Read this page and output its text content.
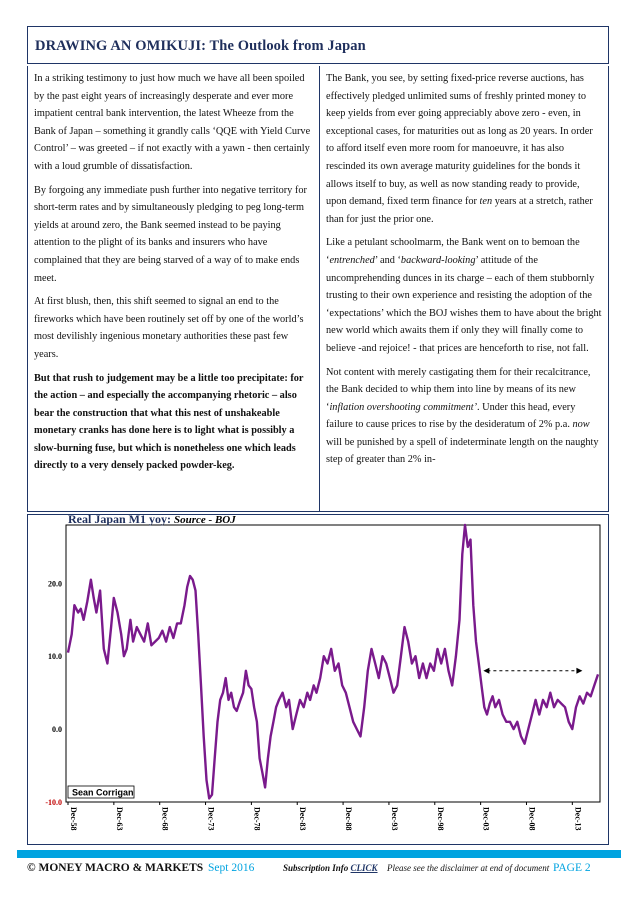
DRAWING AN OMIKUJI: The Outlook from Japan

In a striking testimony to just how much we have all been spoiled by the past eight years of increasingly desperate and ever more impatient central bank intervention, the latest Wheeze from the Bank of Japan – something it grandly calls ‘QQE with Yield Curve Control’ – was greeted – if not exactly with a yawn - then certainly with a loud grumble of dissatisfaction.

By forgoing any immediate push further into negative territory for short-term rates and by simultaneously pledging to peg long-term yields at around zero, the Bank seemed instead to be paying attention to the plight of its banks and insurers who have complained that they are being starved of a way of to make ends meet.

At first blush, then, this shift seemed to signal an end to the fireworks which have been routinely set off by one of the world’s most devilishly ingenious monetary authorities these past few years.

But that rush to judgement may be a little too precipitate: for the action – and especially the accompanying rhetoric – also bear the construction that what this nest of unshakeable monetary cranks has done here is to light what is possibly a slow-burning fuse, but which is nonetheless one which leads directly to a very densely packed powder-keg.

The Bank, you see, by setting fixed-price reverse auctions, has effectively pledged unlimited sums of freshly printed money to keep yields from ever going appreciably above zero - even, in exceptional cases, for maturities out as long as 20 years. In order to afford itself even more room for manoeuvre, it has also rescinded its own average maturity guidelines for the bonds it allows itself to buy, as well as now standing ready to provide, upon demand, fixed term finance for ten years at a stretch, rather than for just the prior one.

Like a petulant schoolmarm, the Bank went on to bemoan the ‘entrenched’ and ‘backward-looking’ attitude of the uncomprehending dunces in its charge – each of them stubbornly trusting to their own experience and resisting the adoption of the ‘expectations’ which the BOJ wishes them to have about the bright new world which awaits them if only they will finally come to believe -and rejoice! - that prices are henceforth to rise, not fall.

Not content with merely castigating them for their recalcitrance, the Bank decided to whip them into line by means of its new ‘inflation overshooting commitment’. Under this head, every failure to cause prices to rise by the desideratum of 2% p.a. now will be punished by a spell of indeterminate length on the naughty step of greater than 2% in-

Real Japan M1 yoy: Source - BOJ
20.0
10.0
0.0
-10.0
Dec-58	Dec-63	Dec-68	Dec-73	Dec-78	Dec-83	Dec-88	Dec-93	Dec-98	Dec-03	Dec-08	Dec-13
Sean Corrigan
© MONEY MACRO & MARKETS Sept 2016	Subscription Info CLICK Please see the disclaimer at end of document PAGE 2
